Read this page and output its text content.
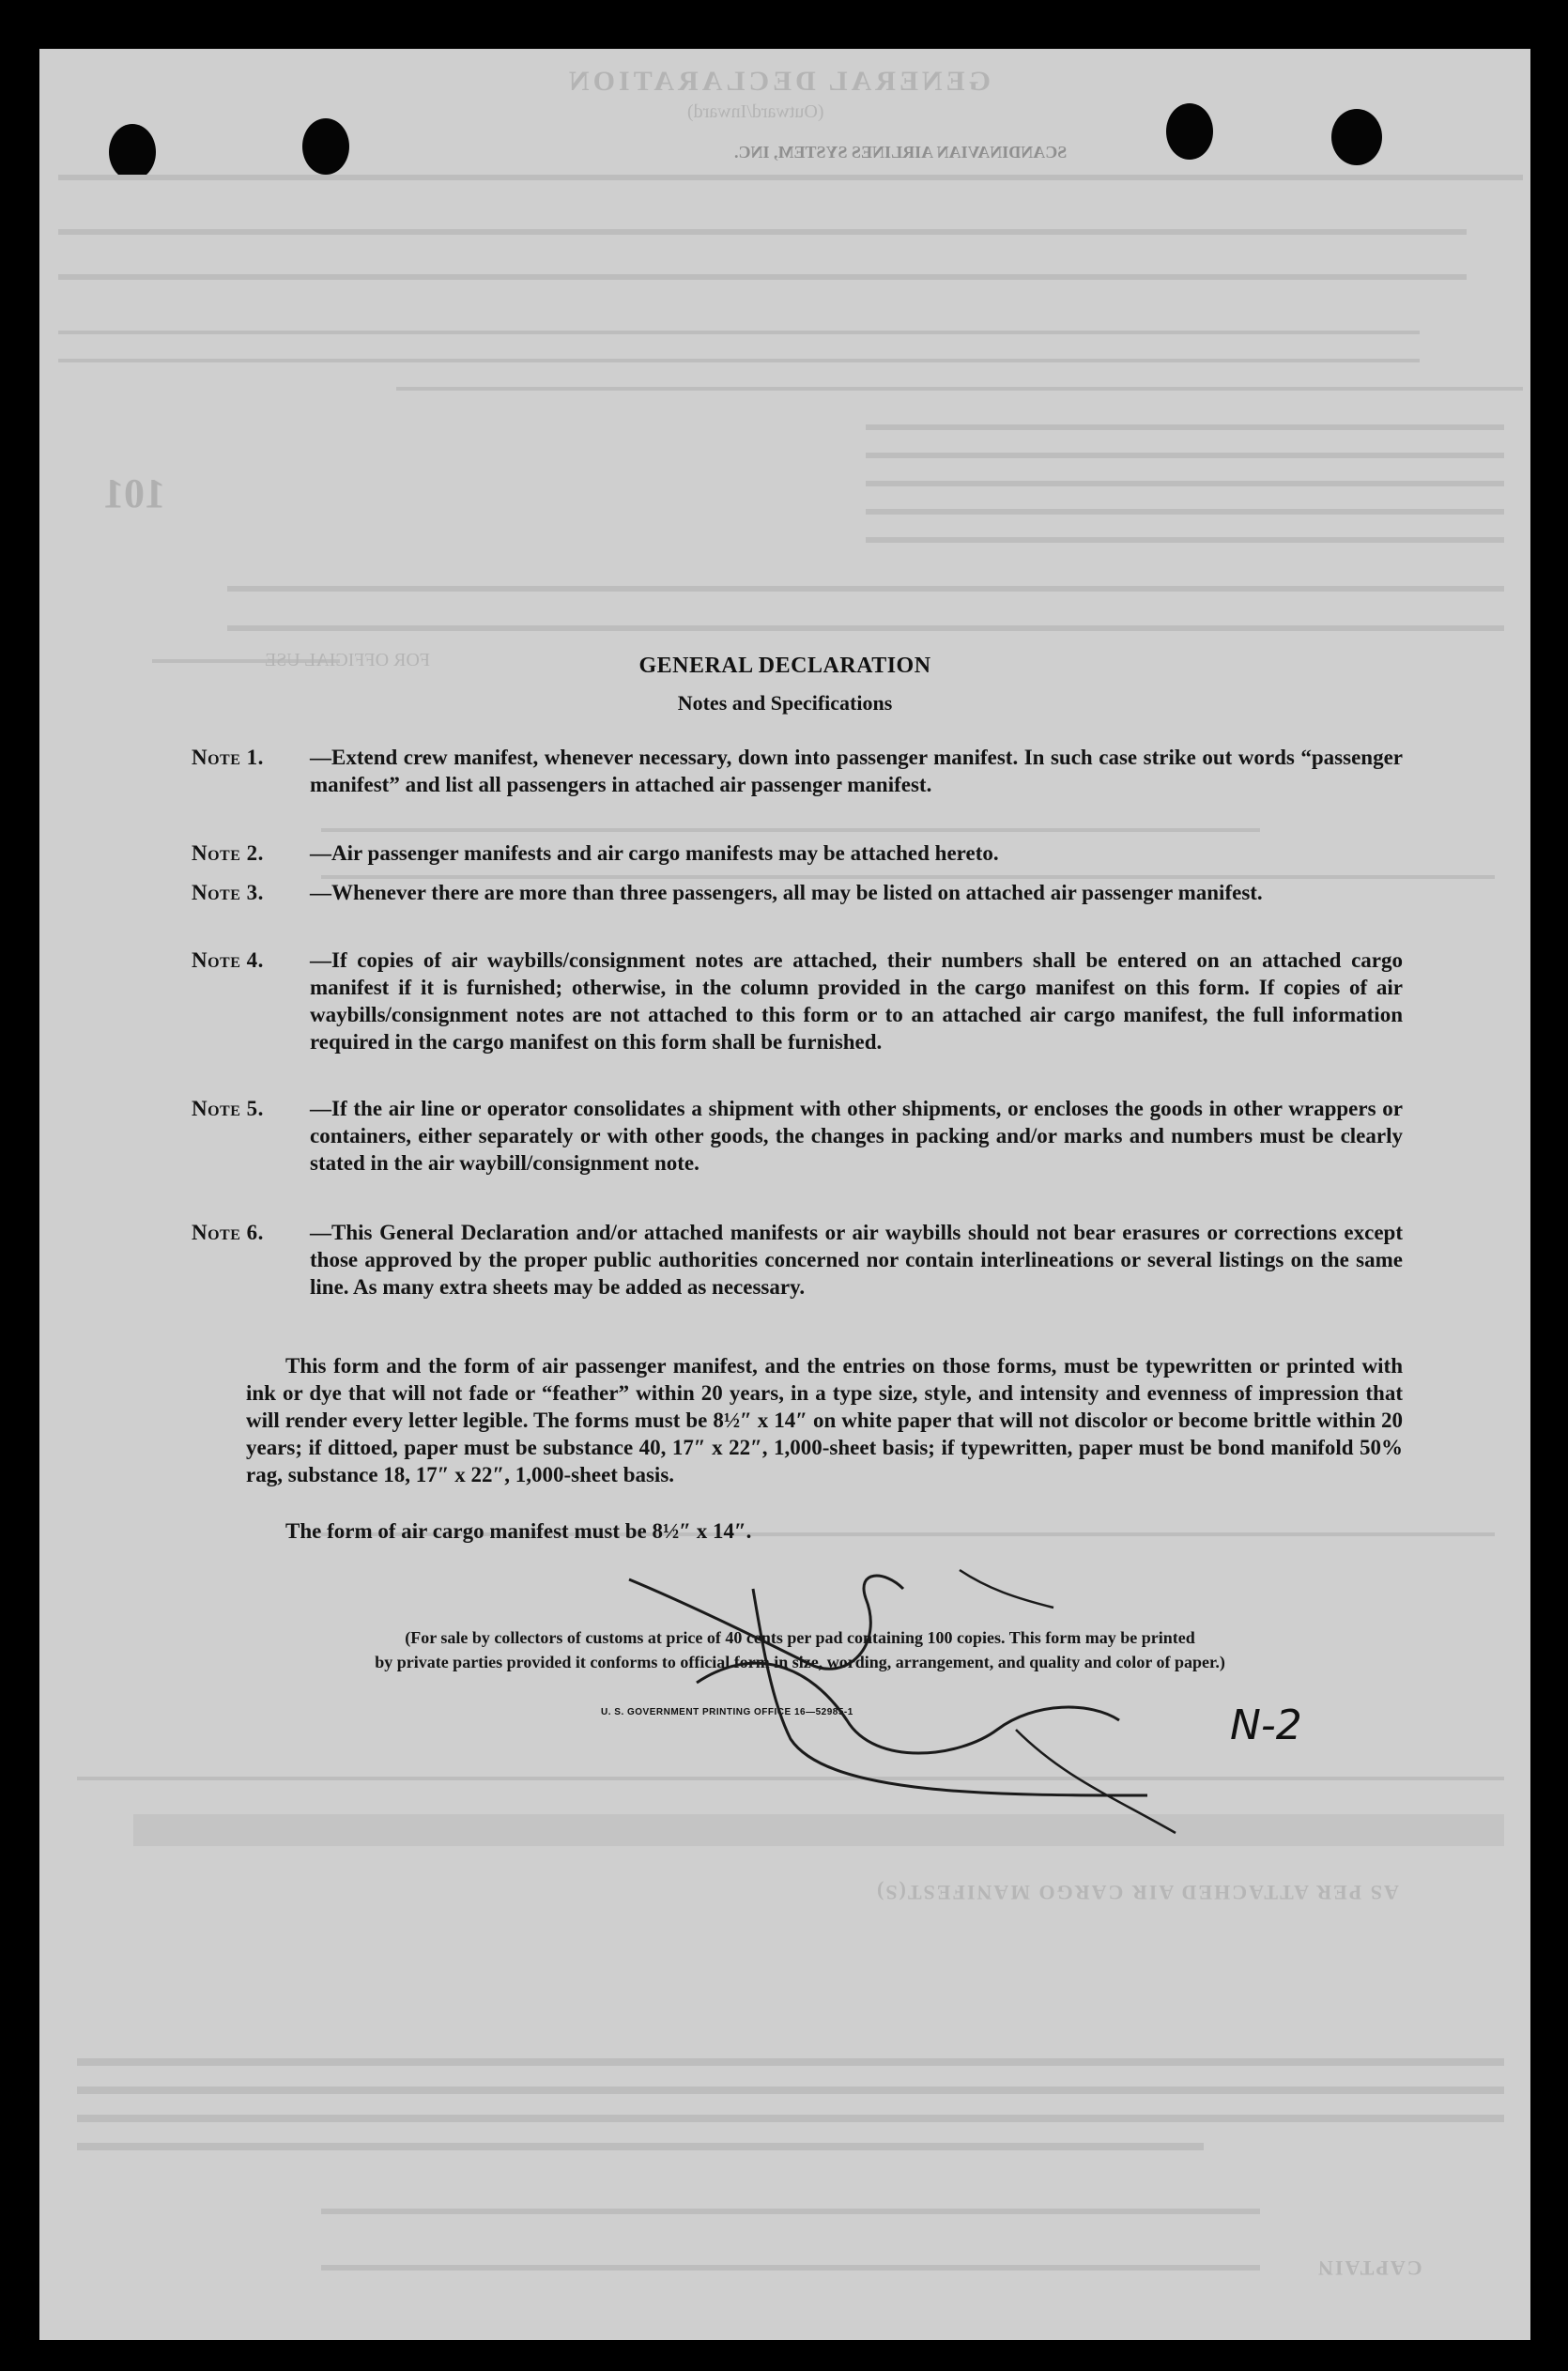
GENERAL DECLARATION
(Outward/Inward)
SCANDINAVIAN AIRLINES SYSTEM, INC.
101
FOR OFFICIAL USE
AS PER ATTACHED AIR CARGO MANIFEST(S)
CAPTAIN
GENERAL DECLARATION
Notes and Specifications
Note 1.	—Extend crew manifest, whenever necessary, down into passenger manifest. In such case strike out words “passenger manifest” and list all passengers in attached air passenger manifest.
Note 2.	—Air passenger manifests and air cargo manifests may be attached hereto.
Note 3.	—Whenever there are more than three passengers, all may be listed on attached air passenger manifest.
Note 4.	—If copies of air waybills/consignment notes are attached, their numbers shall be entered on an attached cargo manifest if it is furnished; otherwise, in the column provided in the cargo manifest on this form. If copies of air waybills/consignment notes are not attached to this form or to an attached air cargo manifest, the full information required in the cargo manifest on this form shall be furnished.
Note 5.	—If the air line or operator consolidates a shipment with other shipments, or encloses the goods in other wrappers or containers, either separately or with other goods, the changes in packing and/or marks and numbers must be clearly stated in the air waybill/consignment note.
Note 6.	—This General Declaration and/or attached manifests or air waybills should not bear erasures or corrections except those approved by the proper public authorities concerned nor contain interlineations or several listings on the same line. As many extra sheets may be added as necessary.
This form and the form of air passenger manifest, and the entries on those forms, must be typewritten or printed with ink or dye that will not fade or “feather” within 20 years, in a type size, style, and intensity and evenness of impression that will render every letter legible. The forms must be 8½″ x 14″ on white paper that will not discolor or become brittle within 20 years; if dittoed, paper must be substance 40, 17″ x 22″, 1,000-sheet basis; if typewritten, paper must be bond manifold 50% rag, substance 18, 17″ x 22″, 1,000-sheet basis.
The form of air cargo manifest must be 8½″ x 14″.
(For sale by collectors of customs at price of 40 cents per pad containing 100 copies. This form may be printed
by private parties provided it conforms to official form in size, wording, arrangement, and quality and color of paper.)
U. S. GOVERNMENT PRINTING OFFICE 16—52985-1	N-2
